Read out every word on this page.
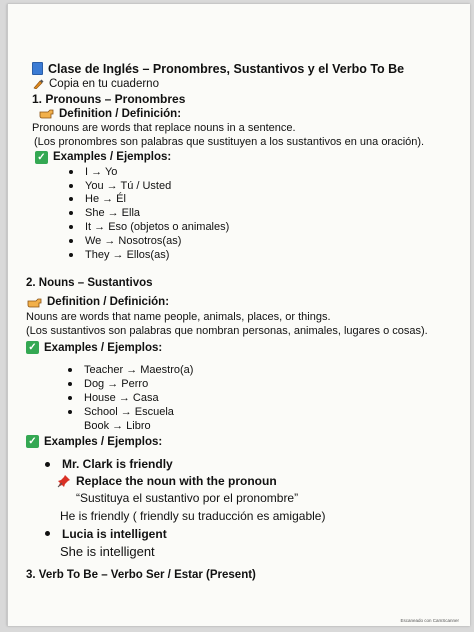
Clase de Inglés – Pronombres, Sustantivos y el Verbo To Be
Copia en tu cuaderno
1. Pronouns – Pronombres
Definition / Definición:
Pronouns are words that replace nouns in a sentence.
(Los pronombres son palabras que sustituyen a los sustantivos en una oración).
✓ Examples / Ejemplos:
I → Yo
You → Tú / Usted
He → Él
She → Ella
It → Eso (objetos o animales)
We → Nosotros(as)
They → Ellos(as)
2. Nouns – Sustantivos
Definition / Definición:
Nouns are words that name people, animals, places, or things.
(Los sustantivos son palabras que nombran personas, animales, lugares o cosas).
✓ Examples / Ejemplos:
Teacher → Maestro(a)
Dog → Perro
House → Casa
School → Escuela
Book → Libro
✓ Examples / Ejemplos:
Mr. Clark is friendly
Replace the noun with the pronoun
“Sustituya el sustantivo por el pronombre”
He is friendly ( friendly su traducción es amigable)
Lucia is intelligent
She is intelligent
3. Verb To Be – Verbo Ser / Estar (Present)
Escaneado con CamScanner
